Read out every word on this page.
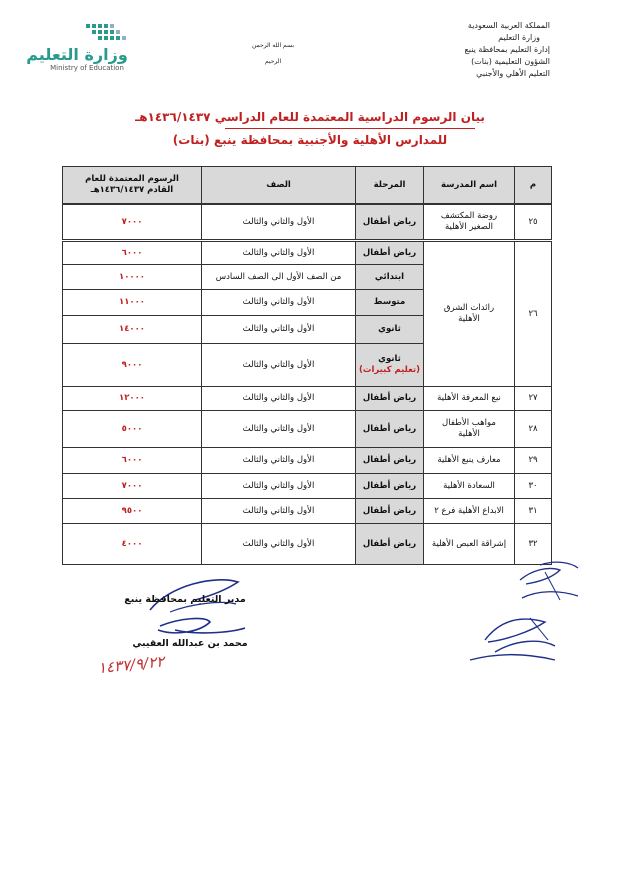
المملكة العربية السعودية
وزارة التعليم
إدارة التعليم بمحافظة ينبع
الشؤون التعليمية (بنات)
التعليم الأهلي والأجنبي
بسم الله الرحمن الرحيم
وزارة التعليم
Ministry of Education
بيان الرسوم الدراسية المعتمدة للعام الدراسي ١٤٣٦/١٤٣٧هـ
للمدارس الأهلية والأجنبية بمحافظة ينبع (بنات)
م
اسم المدرسة
المرحلة
الصف
الرسوم المعتمدة للعام القادم ١٤٣٦/١٤٣٧هـ
٢٥
روضة المكتشف الصغير الأهلية
رياض أطفال
الأول والثاني والثالث
٧٠٠٠
٢٦
رائدات الشرق الأهلية
رياض أطفال
الأول والثاني والثالث
٦٠٠٠
ابتدائي
من الصف الأول الى الصف السادس
١٠٠٠٠
متوسط
الأول والثاني والثالث
١١٠٠٠
ثانوي
الأول والثاني والثالث
١٤٠٠٠
ثانوي
(تعليم كبيرات)
الأول والثاني والثالث
٩٠٠٠
٢٧
نبع المعرفة الأهلية
رياض أطفال
الأول والثاني والثالث
١٢٠٠٠
٢٨
مواهب الأطفال الأهلية
رياض أطفال
الأول والثاني والثالث
٥٠٠٠
٢٩
معارف ينبع الأهلية
رياض أطفال
الأول والثاني والثالث
٦٠٠٠
٣٠
السعادة الأهلية
رياض أطفال
الأول والثاني والثالث
٧٠٠٠
٣١
الابداع الأهلية فرع ٢
رياض أطفال
الأول والثاني والثالث
٩٥٠٠
٣٢
إشراقة العبص الأهلية
رياض أطفال
الأول والثاني والثالث
٤٠٠٠
مدير التعليم بمحافظة ينبع
محمد بن عبدالله العقيبي
١٤٣٧/٩/٢٢
